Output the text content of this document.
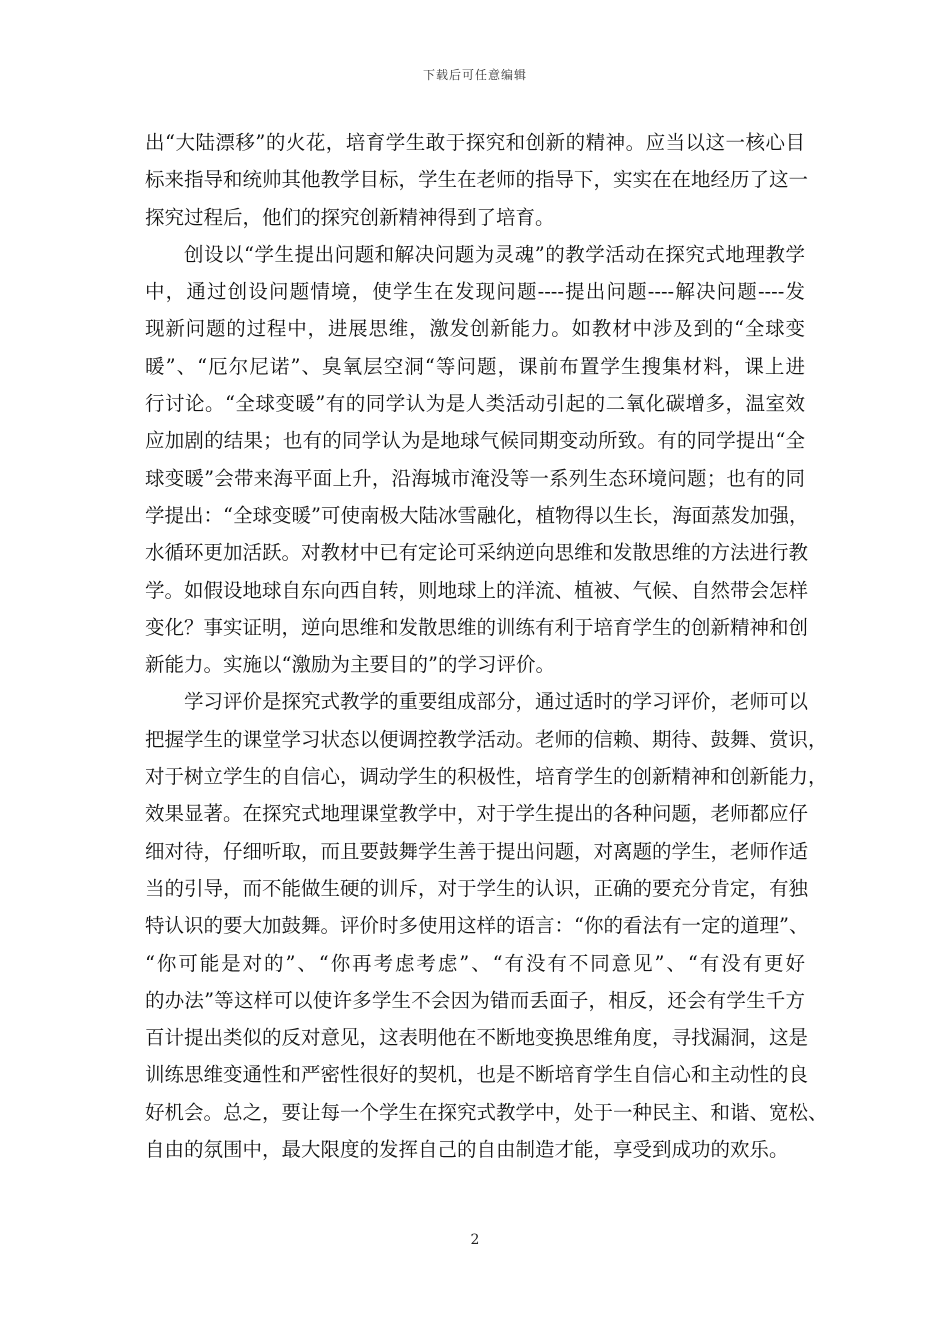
下载后可任意编辑
出“大陆漂移”的火花，培育学生敢于探究和创新的精神。应当以这一核心目
标来指导和统帅其他教学目标，学生在老师的指导下，实实在在地经历了这一
探究过程后，他们的探究创新精神得到了培育。
创设以“学生提出问题和解决问题为灵魂”的教学活动在探究式地理教学
中，通过创设问题情境，使学生在发现问题----提出问题----解决问题----发
现新问题的过程中，进展思维，激发创新能力。如教材中涉及到的“全球变
暖”、“厄尔尼诺”、臭氧层空洞“等问题，课前布置学生搜集材料，课上进
行讨论。“全球变暖”有的同学认为是人类活动引起的二氧化碳增多，温室效
应加剧的结果；也有的同学认为是地球气候同期变动所致。有的同学提出“全
球变暖”会带来海平面上升，沿海城市淹没等一系列生态环境问题；也有的同
学提出：“全球变暖”可使南极大陆冰雪融化，植物得以生长，海面蒸发加强，
水循环更加活跃。对教材中已有定论可采纳逆向思维和发散思维的方法进行教
学。如假设地球自东向西自转，则地球上的洋流、植被、气候、自然带会怎样
变化？事实证明，逆向思维和发散思维的训练有利于培育学生的创新精神和创
新能力。实施以“激励为主要目的”的学习评价。
学习评价是探究式教学的重要组成部分，通过适时的学习评价，老师可以
把握学生的课堂学习状态以便调控教学活动。老师的信赖、期待、鼓舞、赏识，
对于树立学生的自信心，调动学生的积极性，培育学生的创新精神和创新能力，
效果显著。在探究式地理课堂教学中，对于学生提出的各种问题，老师都应仔
细对待，仔细听取，而且要鼓舞学生善于提出问题，对离题的学生，老师作适
当的引导，而不能做生硬的训斥，对于学生的认识，正确的要充分肯定，有独
特认识的要大加鼓舞。评价时多使用这样的语言：“你的看法有一定的道理”、
“你可能是对的”、“你再考虑考虑”、“有没有不同意见”、“有没有更好
的办法”等这样可以使许多学生不会因为错而丢面子，相反，还会有学生千方
百计提出类似的反对意见，这表明他在不断地变换思维角度，寻找漏洞，这是
训练思维变通性和严密性很好的契机，也是不断培育学生自信心和主动性的良
好机会。总之，要让每一个学生在探究式教学中，处于一种民主、和谐、宽松、
自由的氛围中，最大限度的发挥自己的自由制造才能，享受到成功的欢乐。
2
